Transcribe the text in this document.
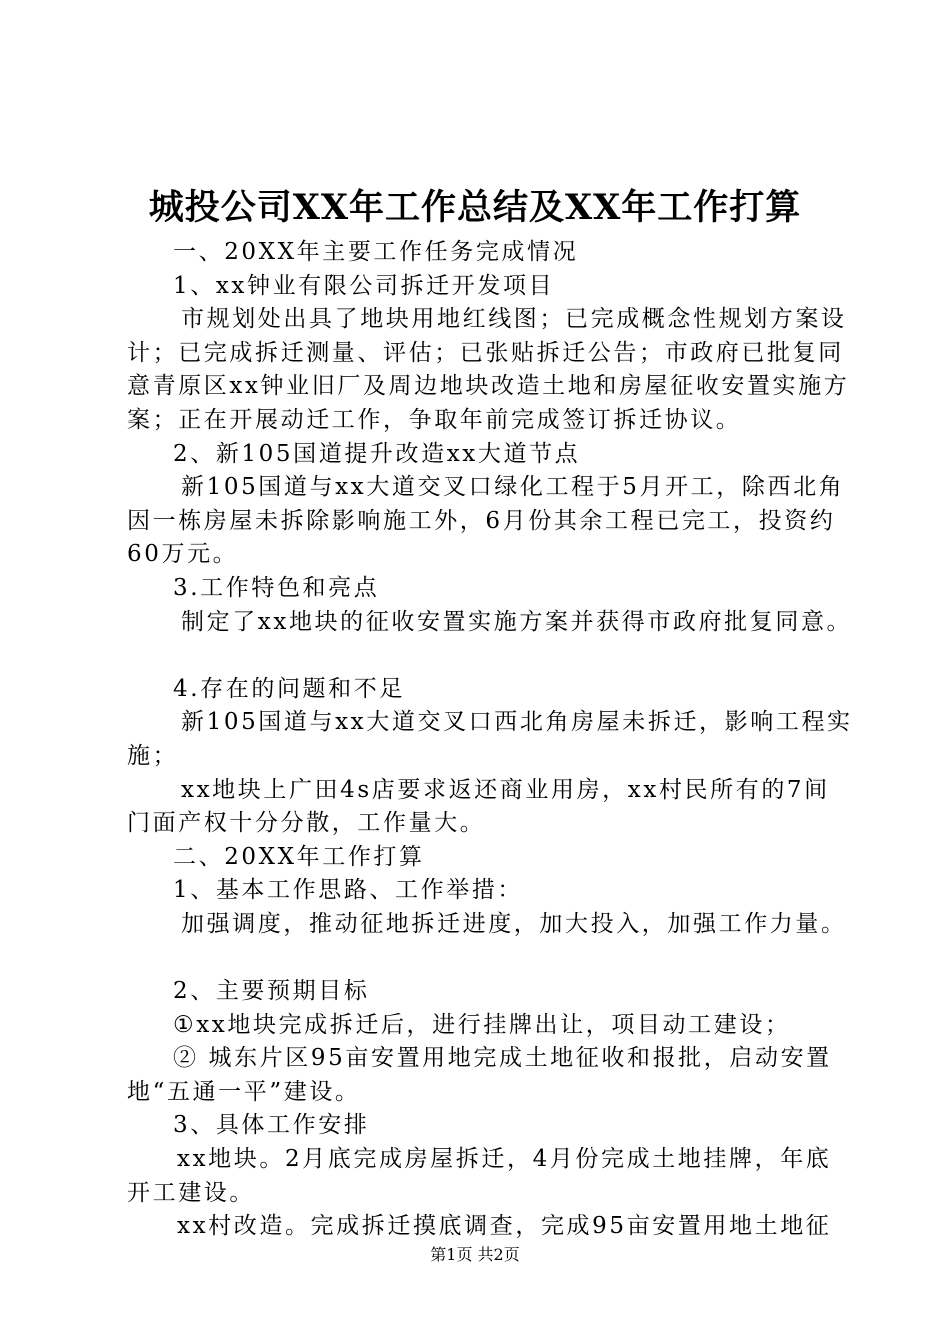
城投公司XX年工作总结及XX年工作打算

一、20XX年主要工作任务完成情况

1、xx钟业有限公司拆迁开发项目

市规划处出具了地块用地红线图；已完成概念性规划方案设计；已完成拆迁测量、评估；已张贴拆迁公告；市政府已批复同意青原区xx钟业旧厂及周边地块改造土地和房屋征收安置实施方案；正在开展动迁工作，争取年前完成签订拆迁协议。

2、新105国道提升改造xx大道节点

新105国道与xx大道交叉口绿化工程于5月开工，除西北角因一栋房屋未拆除影响施工外，6月份其余工程已完工，投资约60万元。

3.工作特色和亮点

制定了xx地块的征收安置实施方案并获得市政府批复同意。

4.存在的问题和不足

新105国道与xx大道交叉口西北角房屋未拆迁，影响工程实施；

xx地块上广田4s店要求返还商业用房，xx村民所有的7间门面产权十分分散，工作量大。

二、20XX年工作打算

1、基本工作思路、工作举措：

加强调度，推动征地拆迁进度，加大投入，加强工作力量。

2、主要预期目标

①xx地块完成拆迁后，进行挂牌出让，项目动工建设；

② 城东片区95亩安置用地完成土地征收和报批，启动安置地“五通一平”建设。

3、具体工作安排

xx地块。2月底完成房屋拆迁，4月份完成土地挂牌，年底开工建设。

xx村改造。完成拆迁摸底调查，完成95亩安置用地土地征

第1页 共2页
